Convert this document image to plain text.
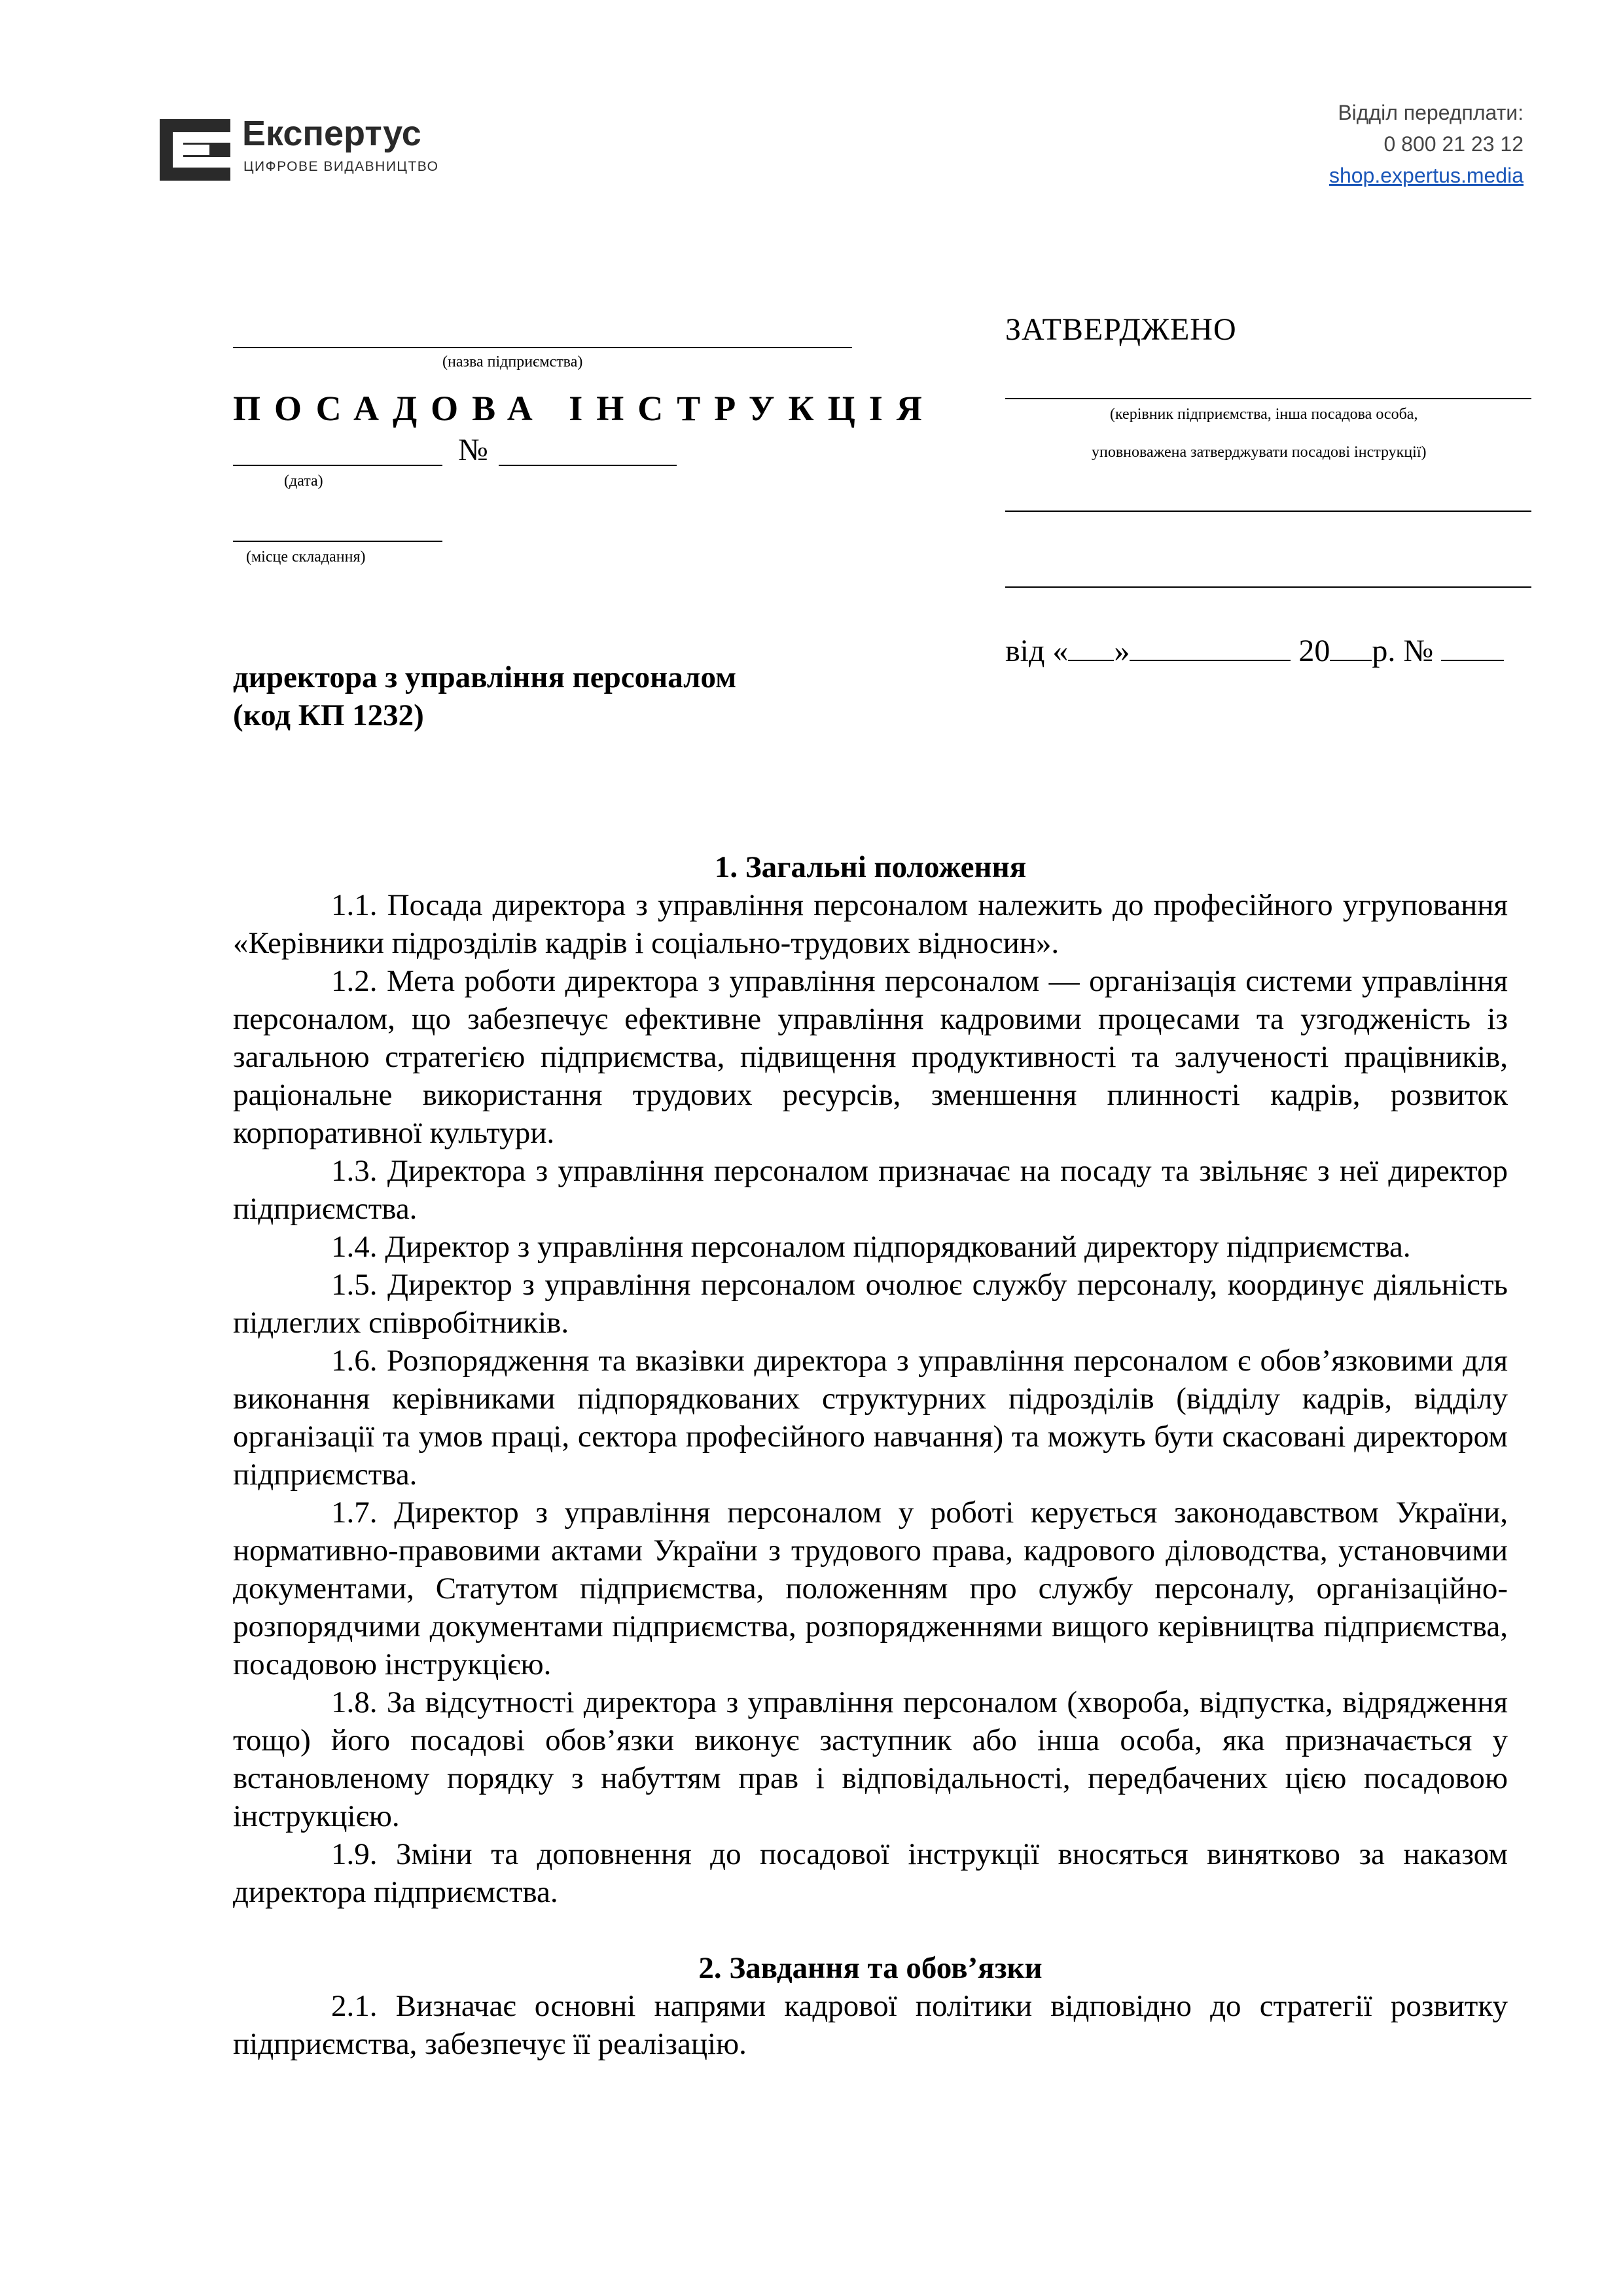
Експертус
ЦИФРОВЕ ВИДАВНИЦТВО
Відділ передплати:
0 800 21 23 12
shop.expertus.media
(назва підприємства)
ПОСАДОВА ІНСТРУКЦІЯ
№
(дата)
(місце складання)
ЗАТВЕРДЖЕНО
(керівник підприємства, інша посадова особа,
уповноважена затверджувати посадові інструкції)
від « »	20 р. №
директора з управління персоналом
(код КП 1232)
1. Загальні положення

1.1. Посада директора з управління персоналом належить до професійного угруповання «Керівники підрозділів кадрів і соціально-трудових відносин».

1.2. Мета роботи директора з управління персоналом — організація системи управління персоналом, що забезпечує ефективне управління кадровими процесами та узгодженість із загальною стратегією підприємства, підвищення продуктивності та залученості працівників, раціональне використання трудових ресурсів, зменшення плинності кадрів, розвиток корпоративної культури.

1.3. Директора з управління персоналом призначає на посаду та звільняє з неї директор підприємства.

1.4. Директор з управління персоналом підпорядкований директору підприємства.

1.5. Директор з управління персоналом очолює службу персоналу, координує діяльність підлеглих співробітників.

1.6. Розпорядження та вказівки директора з управління персоналом є обов’язковими для виконання керівниками підпорядкованих структурних підрозділів (відділу кадрів, відділу організації та умов праці, сектора професійного навчання) та можуть бути скасовані директором підприємства.

1.7. Директор з управління персоналом у роботі керується законодавством України, нормативно-правовими актами України з трудового права, кадрового діловодства, установчими документами, Статутом підприємства, положенням про службу персоналу, організаційно-розпорядчими документами підприємства, розпорядженнями вищого керівництва підприємства, посадовою інструкцією.

1.8. За відсутності директора з управління персоналом (хвороба, відпустка, відрядження тощо) його посадові обов’язки виконує заступник або інша особа, яка призначається у встановленому порядку з набуттям прав і відповідальності, передбачених цією посадовою інструкцією.

1.9. Зміни та доповнення до посадової інструкції вносяться винятково за наказом директора підприємства.

2. Завдання та обов’язки

2.1. Визначає основні напрями кадрової політики відповідно до стратегії розвитку підприємства, забезпечує її реалізацію.
